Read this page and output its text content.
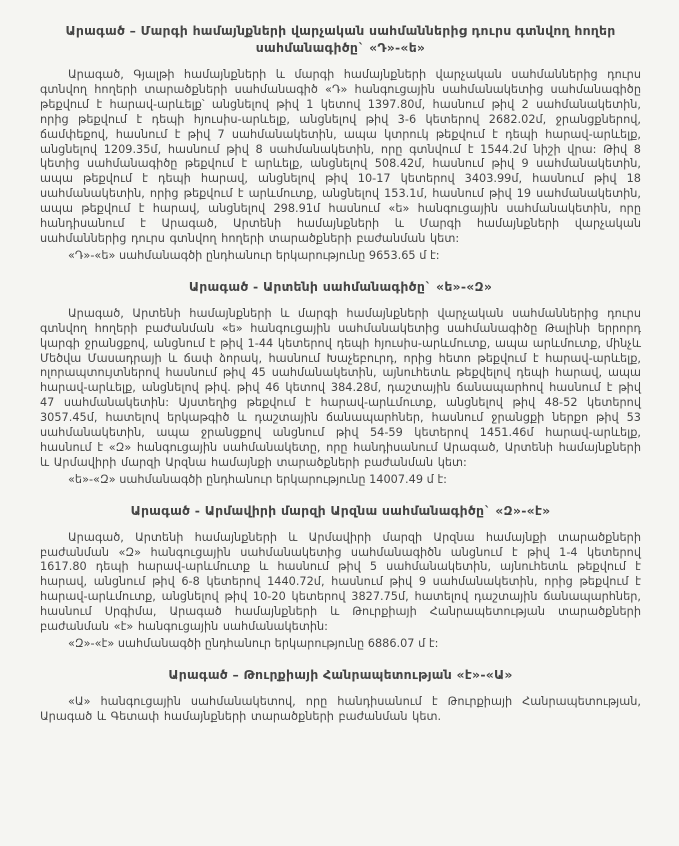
Արագած – Մարգի համայնքների վարչական սահմաններից դուրս գտնվող հողեր սահմանագիծը` «Դ»-«ե»

Արագած, Գյալթի համայնքների և մարգի համայնքների վարչական սահմաններից դուրս գտնվող հողերի տարածքների սահմանագիծ «Դ» հանգուցային սահմանակետից սահմանագիծը թեքվում է հարավ-արևելք՝ անցնելով թիվ 1 կետով 1397.80մ, հասնում թիվ 2 սահմանակետին, որից թեքվում է դեպի հյուսիս-արևելք, անցնելով թիվ 3-6 կետերով 2682.02մ, ջրանցքներով, ճամփեքով, հասնում է թիվ 7 սահմանակետին, ապա կտրուկ թեքվում է դեպի հարավ-արևելք, անցնելով 1209.35մ, հասնում թիվ 8 սահմանակետին, որը գտնվում է 1544.2մ նիշի վրա: Թիվ 8 կետից սահմանագիծը թեքվում է արևելք, անցնելով 508.42մ, հասնում թիվ 9 սահմանակետին, ապա թեքվում է դեպի հարավ, անցնելով թիվ 10-17 կետերով 3403.99մ, հասնում թիվ 18 սահմանակետին, որից թեքվում է արևմուտք, անցնելով 153.1մ, հասնում թիվ 19 սահմանակետին, ապա թեքվում է հարավ, անցնելով 298.91մ հասնում «ե» հանգուցային սահմանակետին, որը հանդիսանում է Արագած, Արտենի համայնքների և Մարգի համայնքների վարչական սահմաններից դուրս գտնվող հողերի տարածքների բաժանման կետ:

«Դ»-«ե» սահմանագծի ընդհանուր երկարությունը 9653.65 մ է:

Արագած - Արտենի սահմանագիծը` «ե»-«Զ»

Արագած, Արտենի համայնքների և մարգի համայնքների վարչական սահմաններից դուրս գտնվող հողերի բաժանման «ե» հանգուցային սահմանակետից սահմանագիծը Թալինի երրորդ կարգի ջրանցքով, անցնում է թիվ 1-44 կետերով դեպի հյուսիս-արևմուտք, ապա արևմուտք, մինչև Մեծվա Մասադրայի և ճափ ձորակ, հասնում Խաչեբուրդ, որից հետո թեքվում է հարավ-արևելք, ոլորապտույտներով հասնում թիվ 45 սահմանակետին, այնուհետև թեքվելով դեպի հարավ, ապա հարավ-արևելք, անցնելով թիվ. թիվ 46 կետով 384.28մ, դաշտային ճանապարհով հասնում է թիվ 47 սահմանակետին: Այստեղից թեքվում է հարավ-արևմուտք, անցնելով թիվ 48-52 կետերով 3057.45մ, հատելով երկաթգիծ և դաշտային ճանապարհներ, հասնում ջրանցքի ներքո թիվ 53 սահմանակետին, ապա ջրանցքով անցնում թիվ 54-59 կետերով 1451.46մ հարավ-արևելք, հասնում է «Զ» հանգուցային սահմանակետը, որը հանդիսանում Արագած, Արտենի համայնքների և Արմավիրի մարզի Արզնա համայնքի տարածքների բաժանման կետ:

«ե»-«Զ» սահմանագծի ընդհանուր երկարությունը 14007.49 մ է:

Արագած - Արմավիրի մարզի Արզնա սահմանագիծը` «Զ»-«է»

Արագած, Արտենի համայնքների և Արմավիրի մարզի Արզնա համայնքի տարածքների բաժանման «Զ» հանգուցային սահմանակետից սահմանագիծն անցնում է թիվ 1-4 կետերով 1617.80 դեպի հարավ-արևմուտք և հասնում թիվ 5 սահմանակետին, այնուհետև թեքվում է հարավ, անցնում թիվ 6-8 կետերով 1440.72մ, հասնում թիվ 9 սահմանակետին, որից թեքվում է հարավ-արևմուտք, անցնելով թիվ 10-20 կետերով 3827.75մ, հատելով դաշտային ճանապարհներ, հասնում Սրգիմա, Արագած համայնքների և Թուրքիայի Հանրապետության տարածքների բաժանման «է» հանգուցային սահմանակետին:

«Զ»-«է» սահմանագծի ընդհանուր երկարությունը 6886.07 մ է:

Արագած – Թուրքիայի Հանրապետության «է»-«Ա»

«Ա» հանգուցային սահմանակետով, որը հանդիսանում է Թուրքիայի Հանրապետության, Արագած և Գետափ համայնքների տարածքների բաժանման կետ.
